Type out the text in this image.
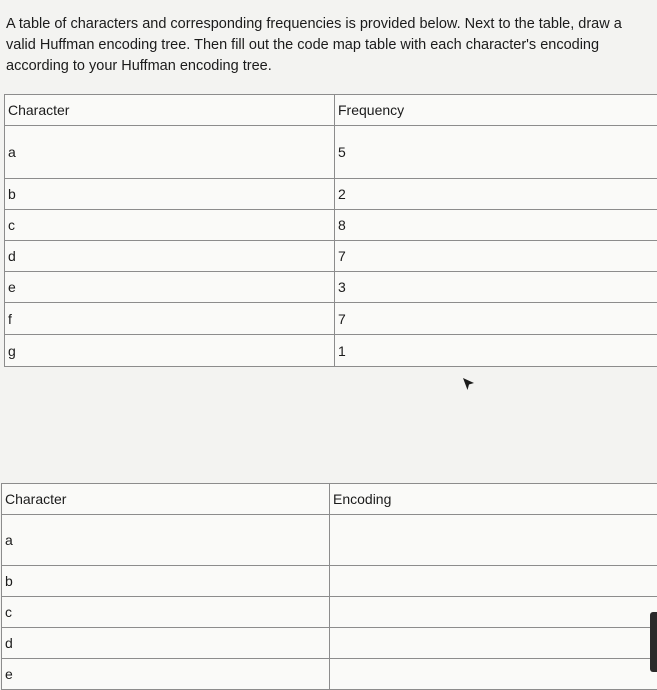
A table of characters and corresponding frequencies is provided below. Next to the table, draw a valid Huffman encoding tree. Then fill out the code map table with each character's encoding according to your Huffman encoding tree.

Character	Frequency
a	5
b	2
c	8
d	7
e	3
f	7
g	1
Character	Encoding
a	
b	
c	
d	
e	
